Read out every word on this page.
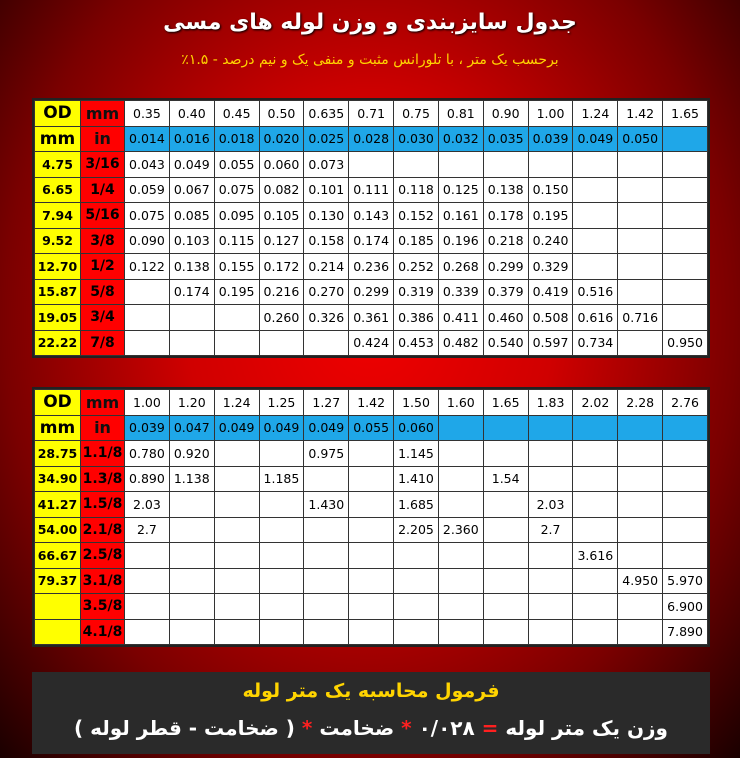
جدول سایزبندی و وزن لوله های مسی
برحسب یک متر ، با تلورانس مثبت و منفی یک و نیم درصد - ۱.۵٪
OD	mm	0.35	0.40	0.45	0.50	0.635	0.71	0.75	0.81	0.90	1.00	1.24	1.42	1.65
mm	in	0.014	0.016	0.018	0.020	0.025	0.028	0.030	0.032	0.035	0.039	0.049	0.050	
4.75	3/16	0.043	0.049	0.055	0.060	0.073								
6.65	1/4	0.059	0.067	0.075	0.082	0.101	0.111	0.118	0.125	0.138	0.150			
7.94	5/16	0.075	0.085	0.095	0.105	0.130	0.143	0.152	0.161	0.178	0.195			
9.52	3/8	0.090	0.103	0.115	0.127	0.158	0.174	0.185	0.196	0.218	0.240			
12.70	1/2	0.122	0.138	0.155	0.172	0.214	0.236	0.252	0.268	0.299	0.329			
15.87	5/8		0.174	0.195	0.216	0.270	0.299	0.319	0.339	0.379	0.419	0.516		
19.05	3/4				0.260	0.326	0.361	0.386	0.411	0.460	0.508	0.616	0.716	
22.22	7/8						0.424	0.453	0.482	0.540	0.597	0.734		0.950
OD	mm	1.00	1.20	1.24	1.25	1.27	1.42	1.50	1.60	1.65	1.83	2.02	2.28	2.76
mm	in	0.039	0.047	0.049	0.049	0.049	0.055	0.060						
28.75	1.1/8	0.780	0.920			0.975		1.145						
34.90	1.3/8	0.890	1.138		1.185			1.410		1.54				
41.27	1.5/8	2.03				1.430		1.685			2.03			
54.00	2.1/8	2.7						2.205	2.360		2.7			
66.67	2.5/8											3.616		
79.37	3.1/8												4.950	5.970
	3.5/8													6.900
	4.1/8													7.890
فرمول محاسبه یک متر لوله
وزن یک متر لوله = ۰/۰۲۸ * ضخامت * ( ضخامت - قطر لوله )
